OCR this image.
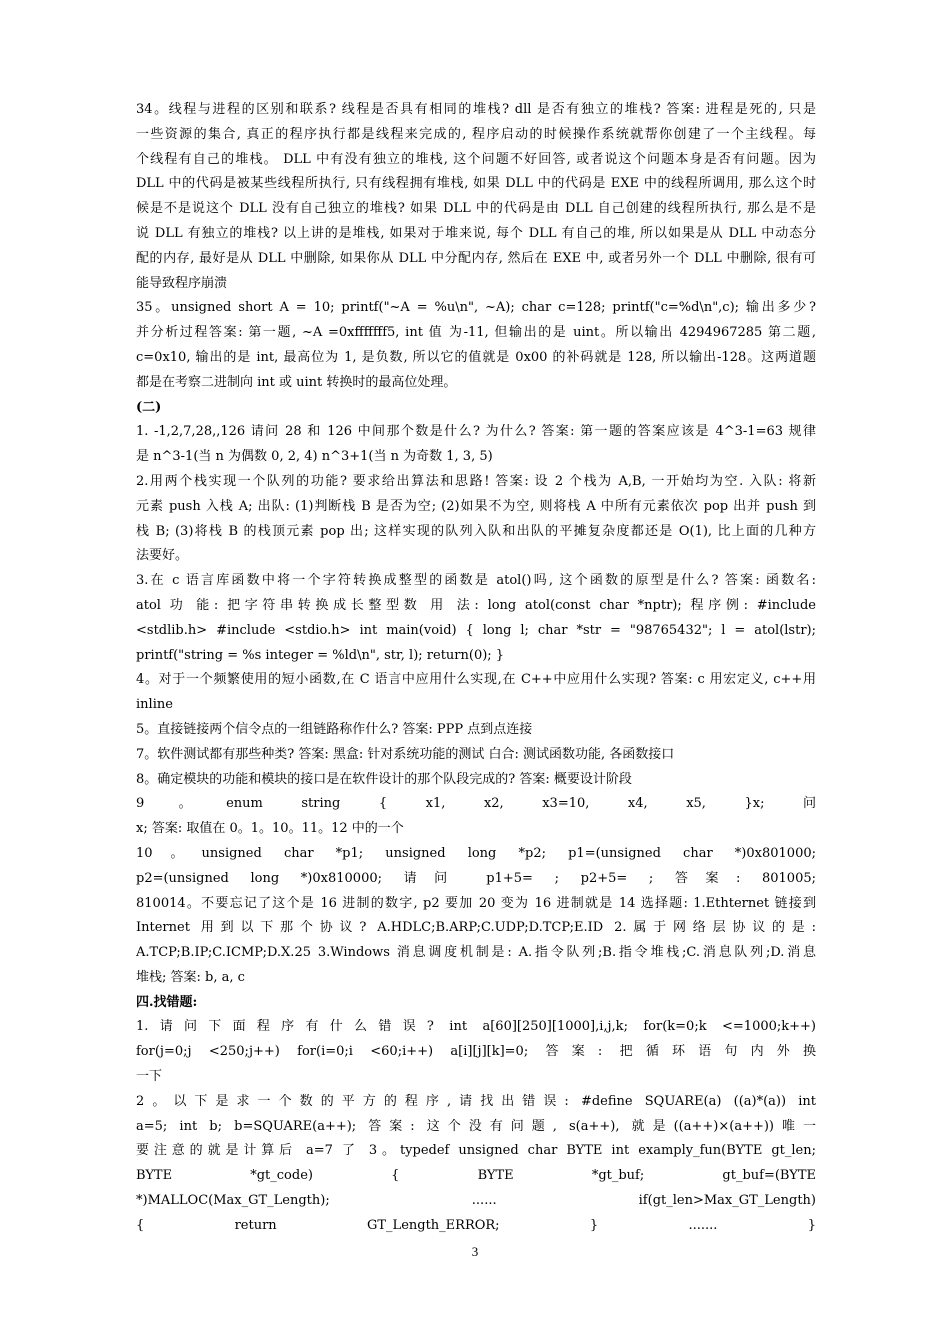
34。线程与进程的区别和联系? 线程是否具有相同的堆栈? dll 是否有独立的堆栈? 答案: 进程是死的, 只是
一些资源的集合, 真正的程序执行都是线程来完成的, 程序启动的时候操作系统就帮你创建了一个主线程。每
个线程有自己的堆栈。 DLL 中有没有独立的堆栈, 这个问题不好回答, 或者说这个问题本身是否有问题。因为
DLL 中的代码是被某些线程所执行, 只有线程拥有堆栈, 如果 DLL 中的代码是 EXE 中的线程所调用, 那么这个时
候是不是说这个 DLL 没有自己独立的堆栈? 如果 DLL 中的代码是由 DLL 自己创建的线程所执行, 那么是不是
说 DLL 有独立的堆栈? 以上讲的是堆栈, 如果对于堆来说, 每个 DLL 有自己的堆, 所以如果是从 DLL 中动态分
配的内存, 最好是从 DLL 中删除, 如果你从 DLL 中分配内存, 然后在 EXE 中, 或者另外一个 DLL 中删除, 很有可
能导致程序崩溃
35。unsigned short A = 10; printf("~A = %u\n", ~A); char c=128; printf("c=%d\n",c); 输出多少?
并分析过程答案: 第一题, ~A =0xfffffff5, int 值 为-11, 但输出的是 uint。所以输出 4294967285 第二题,
c=0x10, 输出的是 int, 最高位为 1, 是负数, 所以它的值就是 0x00 的补码就是 128, 所以输出-128。这两道题
都是在考察二进制向 int 或 uint 转换时的最高位处理。
(二)
1. -1,2,7,28,,126 请问 28 和 126 中间那个数是什么? 为什么? 答案: 第一题的答案应该是 4^3-1=63 规律
是 n^3-1(当 n 为偶数 0, 2, 4) n^3+1(当 n 为奇数 1, 3, 5)
2.用两个栈实现一个队列的功能? 要求给出算法和思路! 答案: 设 2 个栈为 A,B, 一开始均为空. 入队: 将新
元素 push 入栈 A; 出队: (1)判断栈 B 是否为空; (2)如果不为空, 则将栈 A 中所有元素依次 pop 出并 push 到
栈 B; (3)将栈 B 的栈顶元素 pop 出; 这样实现的队列入队和出队的平摊复杂度都还是 O(1), 比上面的几种方
法要好。
3.在 c 语言库函数中将一个字符转换成整型的函数是 atol()吗, 这个函数的原型是什么? 答案: 函数名:
atol 功 能: 把字符串转换成长整型数 用 法: long atol(const char *nptr); 程序例: #include
<stdlib.h> #include <stdio.h> int main(void) { long l; char *str = "98765432"; l = atol(lstr);
printf("string = %s integer = %ld\n", str, l); return(0); }
4。对于一个频繁使用的短小函数,在 C 语言中应用什么实现,在 C++中应用什么实现? 答案: c 用宏定义, c++用
inline
5。直接链接两个信令点的一组链路称作什么? 答案: PPP 点到点连接
7。软件测试都有那些种类? 答案: 黑盒: 针对系统功能的测试 白合: 测试函数功能, 各函数接口
8。确定模块的功能和模块的接口是在软件设计的那个队段完成的? 答案: 概要设计阶段
9。enum string { x1, x2, x3=10, x4, x5, }x; 问
x; 答案: 取值在 0。1。10。11。12 中的一个
10。unsigned char *p1; unsigned long *p2; p1=(unsigned char *)0x801000;
p2=(unsigned long *)0x810000; 请问 p1+5= ; p2+5= ; 答案: 801005;
810014。不要忘记了这个是 16 进制的数字, p2 要加 20 变为 16 进制就是 14 选择题: 1.Ethternet 链接到
Internet 用到以下那个协议? A.HDLC;B.ARP;C.UDP;D.TCP;E.ID 2.属于网络层协议的是:
A.TCP;B.IP;C.ICMP;D.X.25 3.Windows 消息调度机制是: A.指令队列;B.指令堆栈;C.消息队列;D.消息
堆栈; 答案: b, a, c
四.找错题:
1.请问下面程序有什么错误? int a[60][250][1000],i,j,k; for(k=0;k <=1000;k++)
for(j=0;j <250;j++) for(i=0;i <60;i++) a[i][j][k]=0; 答案: 把循环语句内外换
一下
2。以下是求一个数的平方的程序,请找出错误: #define SQUARE(a) ((a)*(a)) int
a=5; int b; b=SQUARE(a++); 答案: 这个没有问题, s(a++), 就是((a++)×(a++))唯一
要注意的就是计算后 a=7 了 3。typedef unsigned char BYTE int examply_fun(BYTE gt_len;
BYTE *gt_code) { BYTE *gt_buf; gt_buf=(BYTE
*)MALLOC(Max_GT_Length); ...... if(gt_len>Max_GT_Length)
{ return GT_Length_ERROR; } ....... }
3
